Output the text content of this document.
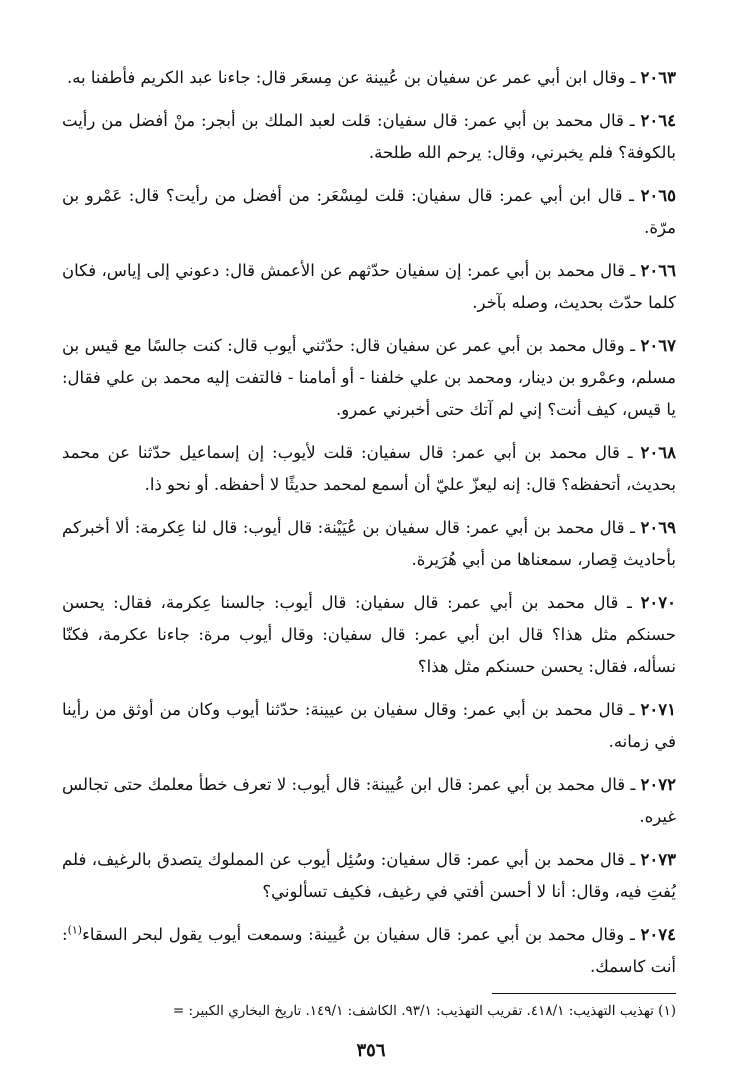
٢٠٦٣ ـ وقال ابن أبي عمر عن سفيان بن عُيينة عن مِسعَر قال: جاءنا عبد الكريم فأطفنا به.

٢٠٦٤ ـ قال محمد بن أبي عمر: قال سفيان: قلت لعبد الملك بن أبجر: منْ أفضل من رأيت بالكوفة؟ فلم يخبرني، وقال: يرحم الله طلحة.

٢٠٦٥ ـ قال ابن أبي عمر: قال سفيان: قلت لمِسْعَر: من أفضل من رأيت؟ قال: عَمْرو بن مرّة.

٢٠٦٦ ـ قال محمد بن أبي عمر: إن سفيان حدّثهم عن الأعمش قال: دعوني إلى إياس، فكان كلما حدّث بحديث، وصله بآخر.

٢٠٦٧ ـ وقال محمد بن أبي عمر عن سفيان قال: حدّثني أيوب قال: كنت جالسًا مع قيس بن مسلم، وعمْرو بن دينار، ومحمد بن علي خلفنا - أو أمامنا - فالتفت إليه محمد بن علي فقال: يا قيس، كيف أنت؟ إني لم آتك حتى أخبرني عمرو.

٢٠٦٨ ـ قال محمد بن أبي عمر: قال سفيان: قلت لأيوب: إن إسماعيل حدّثنا عن محمد بحديث، أتحفظه؟ قال: إنه ليعزّ عليّ أن أسمع لمحمد حديثًا لا أحفظه. أو نحو ذا.

٢٠٦٩ ـ قال محمد بن أبي عمر: قال سفيان بن عُيَيْنة: قال أيوب: قال لنا عِكرمة: ألا أخبركم بأحاديث قِصار، سمعناها من أبي هُرَيرة.

٢٠٧٠ ـ قال محمد بن أبي عمر: قال سفيان: قال أيوب: جالسنا عِكرمة، فقال: يحسن حسنكم مثل هذا؟ قال ابن أبي عمر: قال سفيان: وقال أيوب مرة: جاءنا عكرمة، فكنّا نسأله، فقال: يحسن حسنكم مثل هذا؟

٢٠٧١ ـ قال محمد بن أبي عمر: وقال سفيان بن عيينة: حدّثنا أيوب وكان من أوثق من رأينا في زمانه.

٢٠٧٢ ـ قال محمد بن أبي عمر: قال ابن عُيينة: قال أيوب: لا تعرف خطأ معلمك حتى تجالس غيره.

٢٠٧٣ ـ قال محمد بن أبي عمر: قال سفيان: وسُئِل أيوب عن المملوك يتصدق بالرغيف، فلم يُفتِ فيه، وقال: أنا لا أحسن أفتي في رغيف، فكيف تسألوني؟

٢٠٧٤ ـ وقال محمد بن أبي عمر: قال سفيان بن عُيينة: وسمعت أيوب يقول لبحر السقاء$^{(١)}$: أنت كاسمك.

(١) تهذيب التهذيب: ٤١٨/١. تقريب التهذيب: ٩٣/١. الكاشف: ١٤٩/١. تاريخ البخاري الكبير: =
٣٥٦
